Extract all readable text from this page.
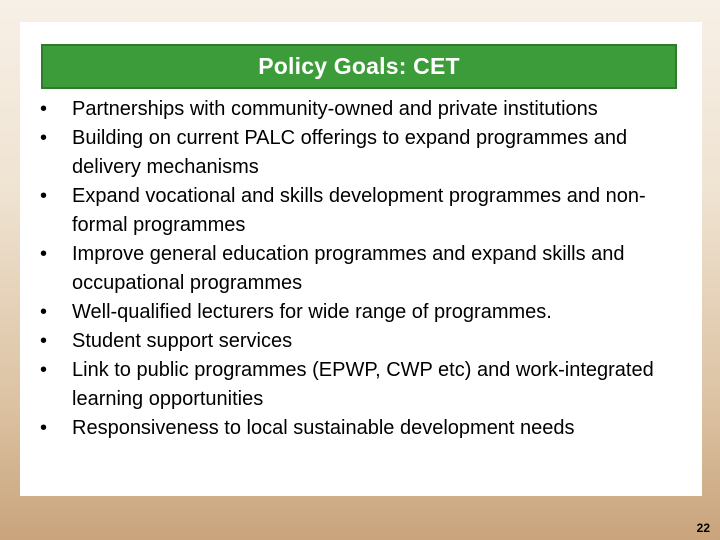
Policy Goals: CET
•	Partnerships with community-owned and private institutions
•	Building on current PALC offerings to expand programmes and delivery mechanisms
•	Expand vocational and skills development programmes and non-formal programmes
•	Improve general education programmes and expand skills and occupational programmes
•	Well-qualified lecturers for wide range of programmes.
•	Student support services
•	Link to public programmes (EPWP, CWP etc) and work-integrated learning opportunities
•	Responsiveness to local sustainable development needs
22
